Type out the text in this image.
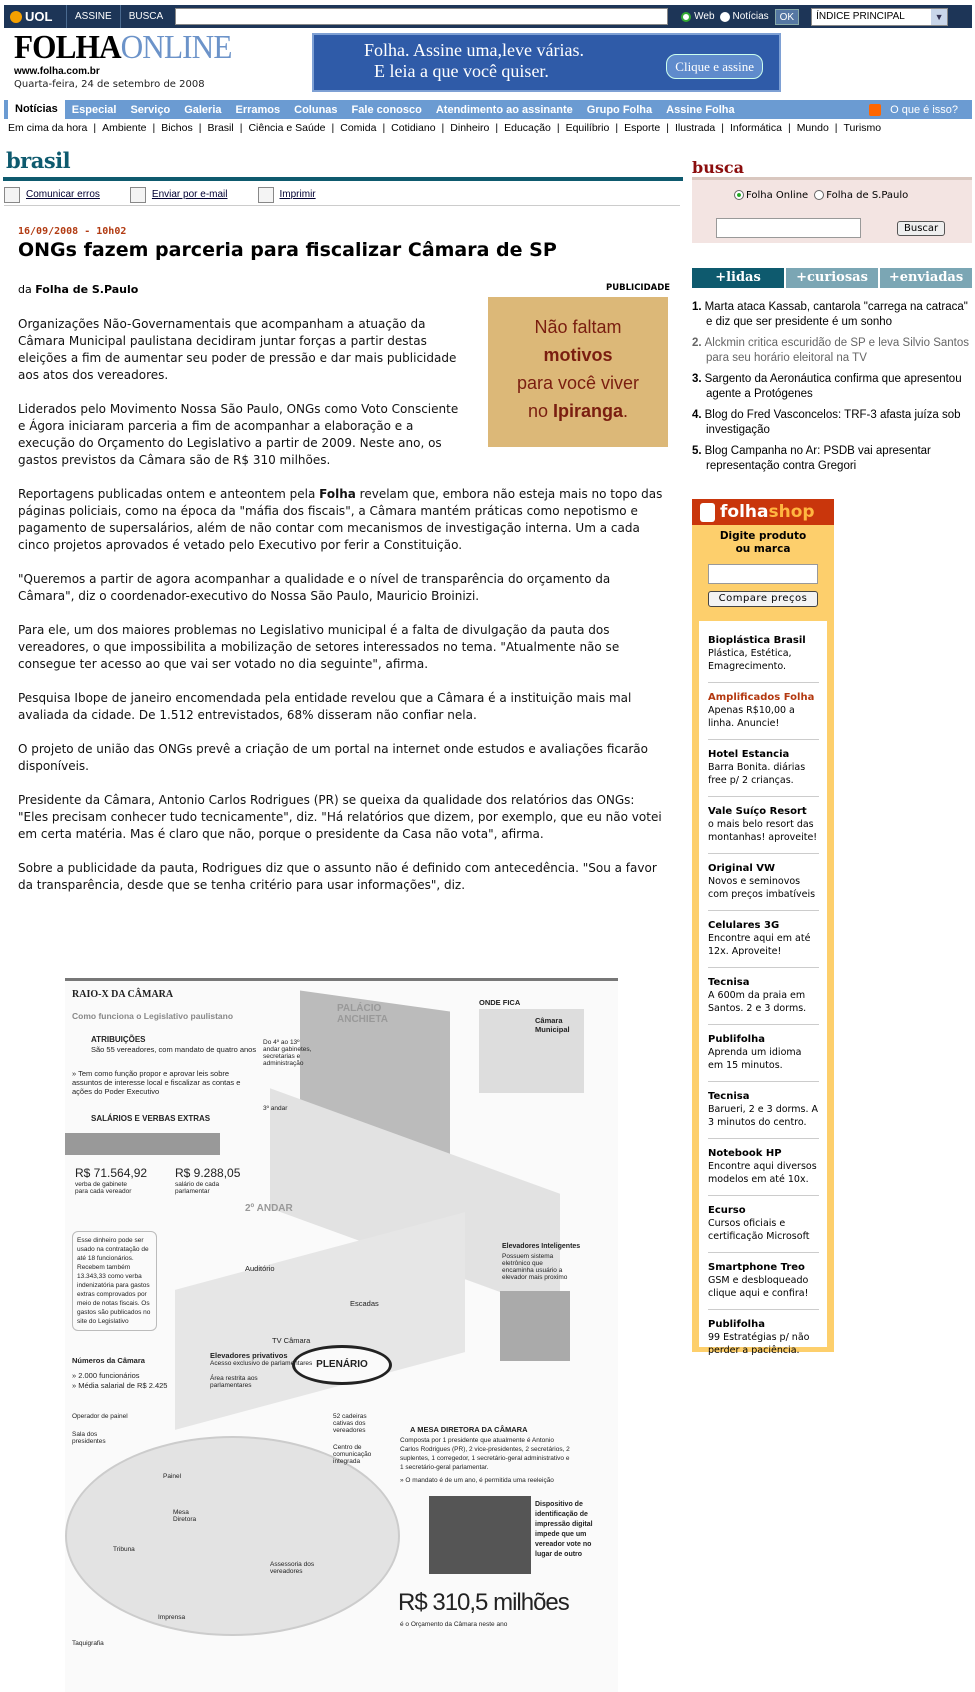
UOL	ASSINE	BUSCA	Web Notícias	OK	ÍNDICE PRINCIPAL	▼
FOLHAONLINE
www.folha.com.br
Quarta-feira, 24 de setembro de 2008
Folha. Assine uma,leve várias.
E leia a que você quiser.	Clique e assine
Notícias	Especial	Serviço	Galeria	Erramos	Colunas	Fale conosco	Atendimento ao assinante	Grupo Folha	Assine Folha	O que é isso?
Em cima da hora | Ambiente | Bichos | Brasil | Ciência e Saúde | Comida | Cotidiano | Dinheiro | Educação | Equilíbrio | Esporte | Ilustrada | Informática | Mundo | Turismo
brasil
Comunicar erros	Enviar por e-mail	Imprimir
16/09/2008 - 10h02
ONGs fazem parceria para fiscalizar Câmara de SP
da Folha de S.Paulo	PUBLICIDADE
Não faltam
motivos
para você viver
no Ipiranga.

Organizações Não-Governamentais que acompanham a atuação da Câmara Municipal paulistana decidiram juntar forças a partir destas eleições a fim de aumentar seu poder de pressão e dar mais publicidade aos atos dos vereadores.

Liderados pelo Movimento Nossa São Paulo, ONGs como Voto Consciente e Ágora iniciaram parceria a fim de acompanhar a elaboração e a execução do Orçamento do Legislativo a partir de 2009. Neste ano, os gastos previstos da Câmara são de R$ 310 milhões.

Reportagens publicadas ontem e anteontem pela Folha revelam que, embora não esteja mais no topo das páginas policiais, como na época da "máfia dos fiscais", a Câmara mantém práticas como nepotismo e pagamento de supersalários, além de não contar com mecanismos de investigação interna. Um a cada cinco projetos aprovados é vetado pelo Executivo por ferir a Constituição.

"Queremos a partir de agora acompanhar a qualidade e o nível de transparência do orçamento da Câmara", diz o coordenador-executivo do Nossa São Paulo, Mauricio Broinizi.

Para ele, um dos maiores problemas no Legislativo municipal é a falta de divulgação da pauta dos vereadores, o que impossibilita a mobilização de setores interessados no tema. "Atualmente não se consegue ter acesso ao que vai ser votado no dia seguinte", afirma.

Pesquisa Ibope de janeiro encomendada pela entidade revelou que a Câmara é a instituição mais mal avaliada da cidade. De 1.512 entrevistados, 68% disseram não confiar nela.

O projeto de união das ONGs prevê a criação de um portal na internet onde estudos e avaliações ficarão disponíveis.

Presidente da Câmara, Antonio Carlos Rodrigues (PR) se queixa da qualidade dos relatórios das ONGs: "Eles precisam conhecer tudo tecnicamente", diz. "Há relatórios que dizem, por exemplo, que eu não votei em certa matéria. Mas é claro que não, porque o presidente da Casa não vota", afirma.

Sobre a publicidade da pauta, Rodrigues diz que o assunto não é definido com antecedência. "Sou a favor da transparência, desde que se tenha critério para usar informações", diz.

PLENÁRIO
RAIO-X DA CÂMARA
Como funciona o Legislativo paulistano
ATRIBUIÇÕES
São 55 vereadores, com mandato de quatro anos
» Tem como função propor e aprovar leis sobre assuntos de interesse local e fiscalizar as contas e ações do Poder Executivo
SALÁRIOS E VERBAS EXTRAS
R$ 71.564,92
verba de gabinete para cada vereador
R$ 9.288,05
salário de cada parlamentar
Esse dinheiro pode ser usado na contratação de até 18 funcionários. Recebem também 13.343,33 como verba indenizatória para gastos extras comprovados por meio de notas fiscais. Os gastos são publicados no site do Legislativo
PALÁCIO ANCHIETA
ONDE FICA
Câmara Municipal
Do 4º ao 13º andar gabinetes, secretarias e administração
3º andar
2º ANDAR
Auditório
Escadas
TV Câmara
Elevadores Inteligentes
Possuem sistema eletrônico que encaminha usuário a elevador mais proximo
Elevadores privativos
Acesso exclusivo de parlamentares
Área restrita aos parlamentares
Números da Câmara
» 2.000 funcionários
» Média salarial de R$ 2.425
Operador de painel
Sala dos presidentes
Painel
Mesa Diretora
Tribuna
Taquigrafia
Imprensa
Assessoria dos vereadores
52 cadeiras cativas dos vereadores
Centro de comunicação integrada
A MESA DIRETORA DA CÂMARA
Composta por 1 presidente que atualmente é Antonio Carlos Rodrigues (PR), 2 vice-presidentes, 2 secretários, 2 suplentes, 1 corregedor, 1 secretário-geral administrativo e 1 secretário-geral parlamentar.
» O mandato é de um ano, é permitida uma reeleição
Dispositivo de identificação de impressão digital impede que um vereador vote no lugar de outro
R$ 310,5 milhões
é o Orçamento da Câmara neste ano
busca
Folha Online	Folha de S.Paulo
Buscar
+lidas	+curiosas	+enviadas
1. Marta ataca Kassab, cantarola "carrega na catraca" e diz que ser presidente é um sonho
2. Alckmin critica escuridão de SP e leva Silvio Santos para seu horário eleitoral na TV
3. Sargento da Aeronáutica confirma que apresentou agente a Protógenes
4. Blog do Fred Vasconcelos: TRF-3 afasta juíza sob investigação
5. Blog Campanha no Ar: PSDB vai apresentar representação contra Gregori
folhashop
Digite produto ou marca
Compare preços
Bioplástica Brasil
Plástica, Estética, Emagrecimento.
Amplificados Folha
Apenas R$10,00 a linha. Anuncie!
Hotel Estancia
Barra Bonita. diárias free p/ 2 crianças.
Vale Suíço Resort
o mais belo resort das montanhas! aproveite!
Original VW
Novos e seminovos com preços imbatíveis
Celulares 3G
Encontre aqui em até 12x. Aproveite!
Tecnisa
A 600m da praia em Santos. 2 e 3 dorms.
Publifolha
Aprenda um idioma em 15 minutos.
Tecnisa
Barueri, 2 e 3 dorms. A 3 minutos do centro.
Notebook HP
Encontre aqui diversos modelos em até 10x.
Ecurso
Cursos oficiais e certificação Microsoft
Smartphone Treo
GSM e desbloqueado clique aqui e confira!
Publifolha
99 Estratégias p/ não perder a paciência.
